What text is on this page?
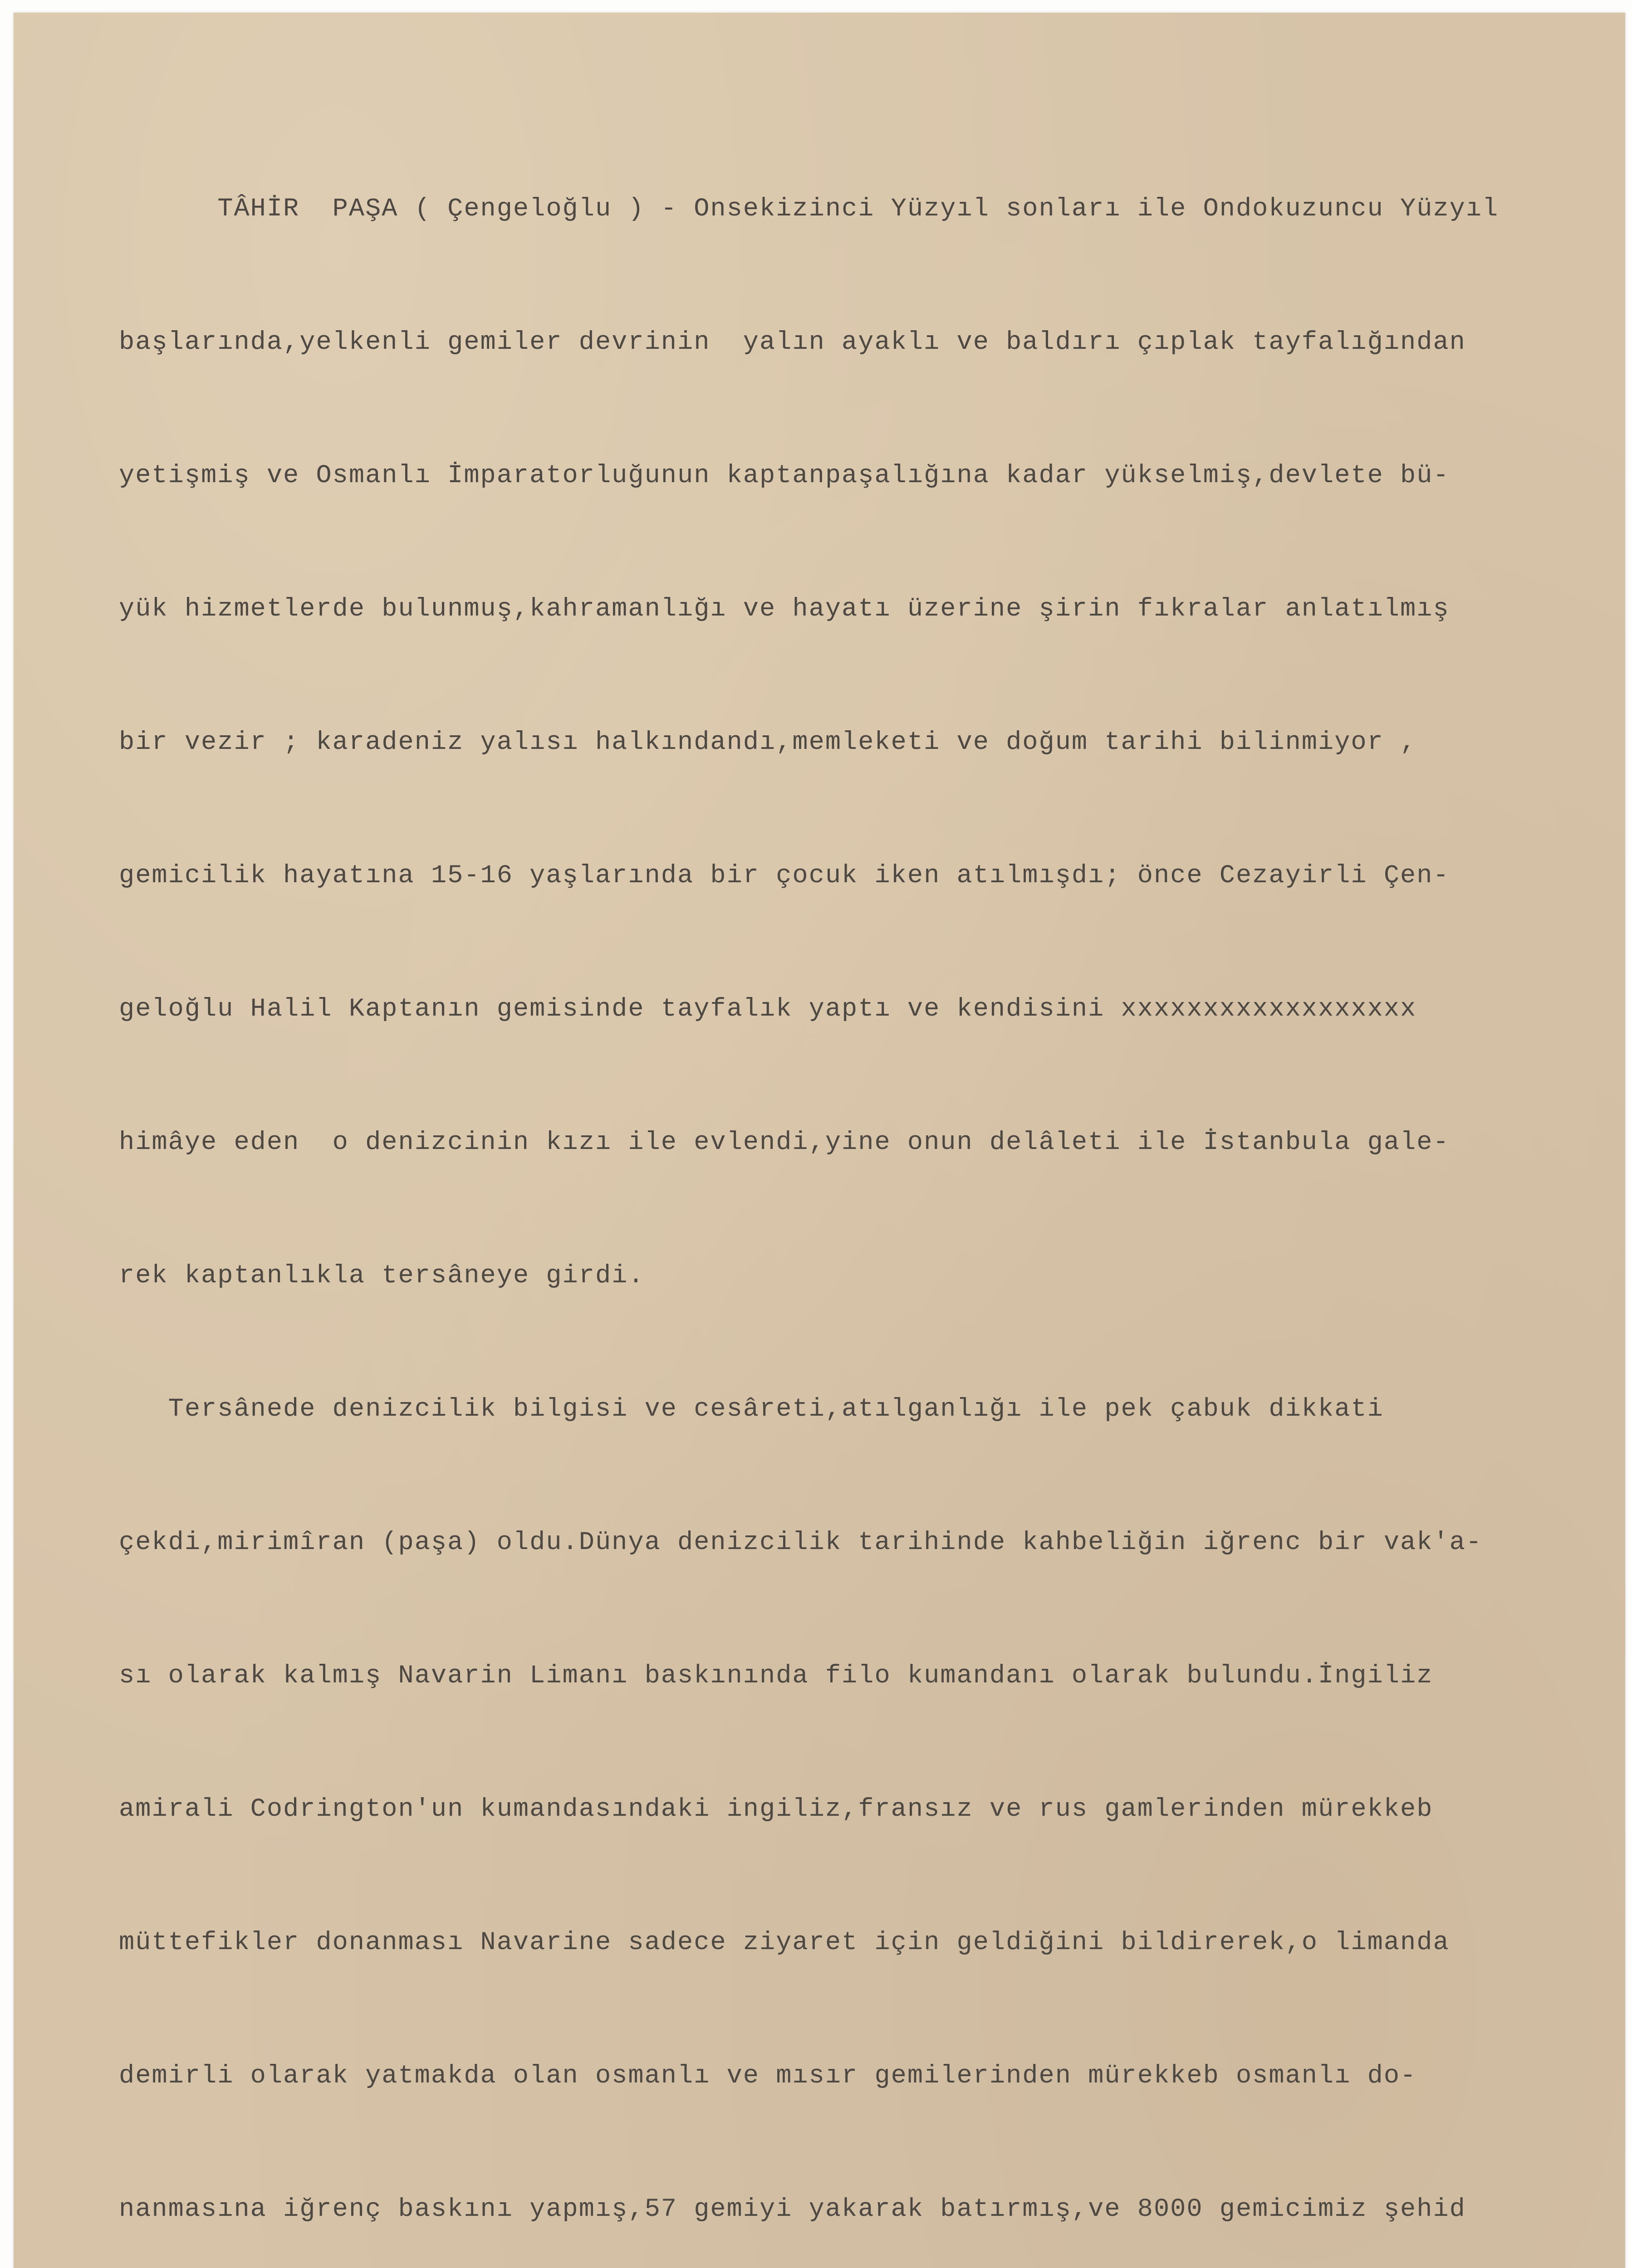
TÂHİR  PAŞA ( Çengeloğlu ) - Onsekizinci Yüzyıl sonları ile Ondokuzuncu Yüzyıl

başlarında,yelkenli gemiler devrinin  yalın ayaklı ve baldırı çıplak tayfalığından

yetişmiş ve Osmanlı İmparatorluğunun kaptanpaşalığına kadar yükselmiş,devlete bü-

yük hizmetlerde bulunmuş,kahramanlığı ve hayatı üzerine şirin fıkralar anlatılmış

bir vezir ; karadeniz yalısı halkındandı,memleketi ve doğum tarihi bilinmiyor ,

gemicilik hayatına 15-16 yaşlarında bir çocuk iken atılmışdı; önce Cezayirli Çen-

geloğlu Halil Kaptanın gemisinde tayfalık yaptı ve kendisini xxxxxxxxxxxxxxxxxx

himâye eden  o denizcinin kızı ile evlendi,yine onun delâleti ile İstanbula gale-

rek kaptanlıkla tersâneye girdi.

Tersânede denizcilik bilgisi ve cesâreti,atılganlığı ile pek çabuk dikkati

çekdi,mirimîran (paşa) oldu.Dünya denizcilik tarihinde kahbeliğin iğrenc bir vak'a-

sı olarak kalmış Navarin Limanı baskınında filo kumandanı olarak bulundu.İngiliz

amirali Codrington'un kumandasındaki ingiliz,fransız ve rus gamlerinden mürekkeb

müttefikler donanması Navarine sadece ziyaret için geldiğini bildirerek,o limanda

demirli olarak yatmakda olan osmanlı ve mısır gemilerinden mürekkeb osmanlı do-

nanmasına iğrenç baskını yapmış,57 gemiyi yakarak batırmış,ve 8000 gemicimiz şehid
